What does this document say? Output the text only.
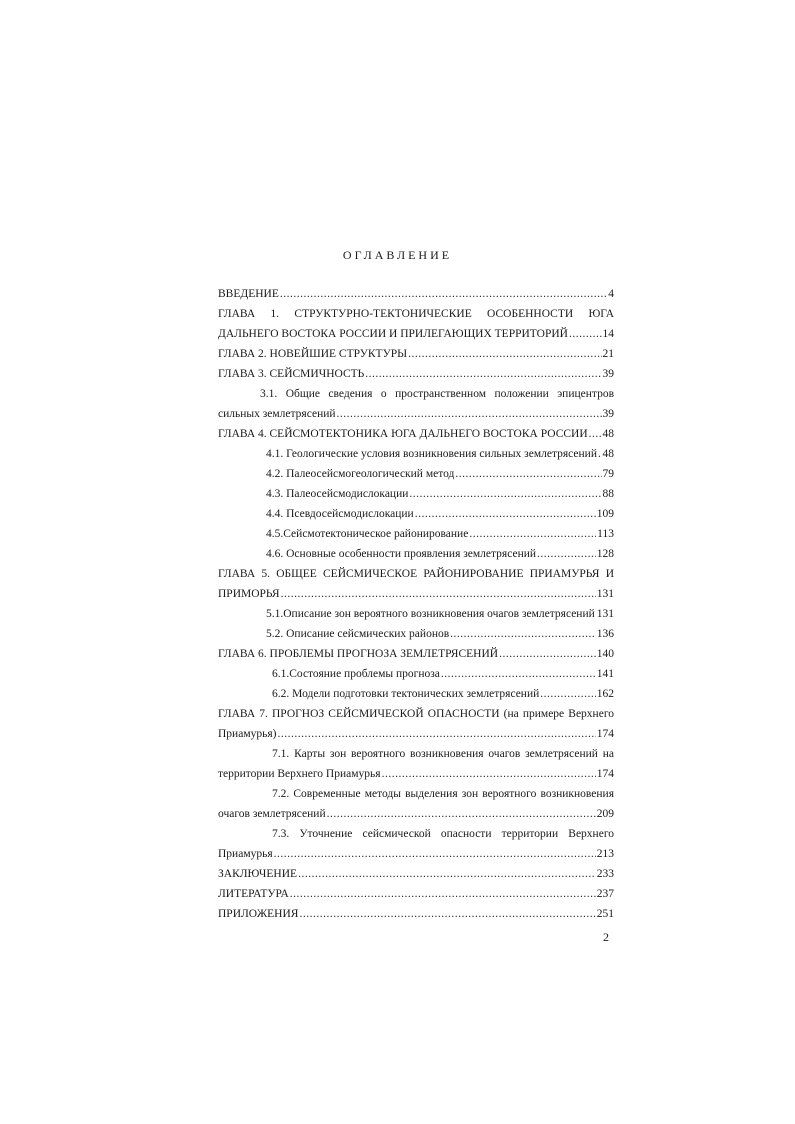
ОГЛАВЛЕНИЕ
ВВЕДЕНИЕ .....	4
ГЛАВА 1. СТРУКТУРНО-ТЕКТОНИЧЕСКИЕ ОСОБЕННОСТИ ЮГА
ДАЛЬНЕГО ВОСТОКА РОССИИ И ПРИЛЕГАЮЩИХ ТЕРРИТОРИЙ .....	14
ГЛАВА 2. НОВЕЙШИЕ СТРУКТУРЫ .....	21
ГЛАВА 3. СЕЙСМИЧНОСТЬ .....	39
3.1. Общие сведения о пространственном положении эпицентров
сильных землетрясений .....	39
ГЛАВА 4. СЕЙСМОТЕКТОНИКА ЮГА ДАЛЬНЕГО ВОСТОКА РОССИИ ..... 48
4.1. Геологические условия возникновения сильных землетрясений ..... 48
4.2. Палеосейсмогеологический метод .....	79
4.3. Палеосейсмодислокации .....	88
4.4. Псевдосейсмодислокации .....	109
4.5.Сейсмотектоническое районирование .....	113
4.6. Основные особенности проявления землетрясений .....	128
ГЛАВА 5. ОБЩЕЕ СЕЙСМИЧЕСКОЕ РАЙОНИРОВАНИЕ ПРИАМУРЬЯ И
ПРИМОРЬЯ .....	131
5.1.Описание зон вероятного возникновения очагов землетрясений 131
5.2. Описание сейсмических районов .....	136
ГЛАВА 6. ПРОБЛЕМЫ ПРОГНОЗА ЗЕМЛЕТРЯСЕНИЙ .....	140
6.1.Состояние проблемы прогноза .....	141
6.2. Модели подготовки тектонических землетрясений .....	162
ГЛАВА 7. ПРОГНОЗ СЕЙСМИЧЕСКОЙ ОПАСНОСТИ (на примере Верхнего
Приамурья) .....	174
7.1. Карты зон вероятного возникновения очагов землетрясений на
территории Верхнего Приамурья .....	174
7.2. Современные методы выделения зон вероятного возникновения
очагов землетрясений .....	209
7.3. Уточнение сейсмической опасности территории Верхнего
Приамурья .....	213
ЗАКЛЮЧЕНИЕ .....	233
ЛИТЕРАТУРА .....	237
ПРИЛОЖЕНИЯ .....	251
2
